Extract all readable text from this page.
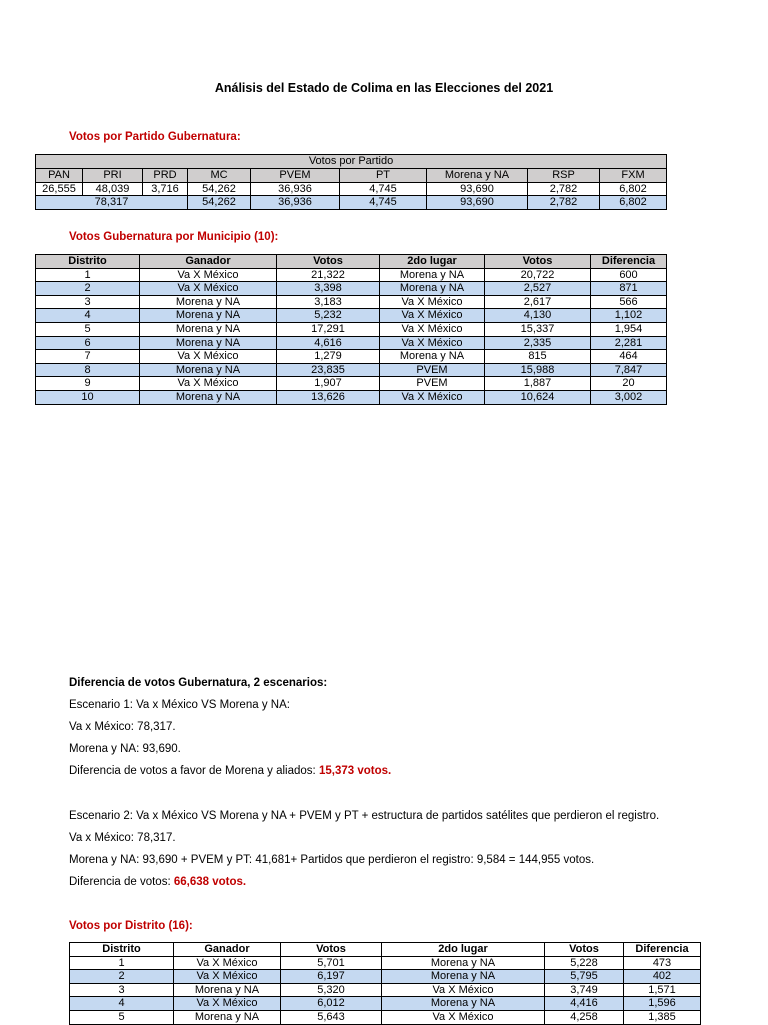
Análisis del Estado de Colima en las Elecciones del 2021
Votos por Partido Gubernatura:
Votos por Partido								
PAN	PRI	PRD	MC	PVEM	PT	Morena y NA	RSP	FXM
26,555	48,039	3,716	54,262	36,936	4,745	93,690	2,782	6,802
78,317			54,262	36,936	4,745	93,690	2,782	6,802
Votos Gubernatura por Municipio (10):
Distrito	Ganador	Votos	2do lugar	Votos	Diferencia
1	Va X México	21,322	Morena y NA	20,722	600
2	Va X México	3,398	Morena y NA	2,527	871
3	Morena y NA	3,183	Va X México	2,617	566
4	Morena y NA	5,232	Va X México	4,130	1,102
5	Morena y NA	17,291	Va X México	15,337	1,954
6	Morena y NA	4,616	Va X México	2,335	2,281
7	Va X México	1,279	Morena y NA	815	464
8	Morena y NA	23,835	PVEM	15,988	7,847
9	Va X México	1,907	PVEM	1,887	20
10	Morena y NA	13,626	Va X México	10,624	3,002
Diferencia de votos Gubernatura, 2 escenarios:
Escenario 1: Va x México VS Morena y NA:
Va x México: 78,317.
Morena y NA: 93,690.
Diferencia de votos a favor de Morena y aliados: 15,373 votos.
Escenario 2: Va x México VS Morena y NA + PVEM y PT + estructura de partidos satélites que perdieron el registro.
Va x México: 78,317.
Morena y NA: 93,690 + PVEM y PT: 41,681+ Partidos que perdieron el registro: 9,584 = 144,955 votos.
Diferencia de votos: 66,638 votos.
Votos por Distrito (16):
Distrito	Ganador	Votos	2do lugar	Votos	Diferencia
1	Va X México	5,701	Morena y NA	5,228	473
2	Va X México	6,197	Morena y NA	5,795	402
3	Morena y NA	5,320	Va X México	3,749	1,571
4	Va X México	6,012	Morena y NA	4,416	1,596
5	Morena y NA	5,643	Va X México	4,258	1,385
